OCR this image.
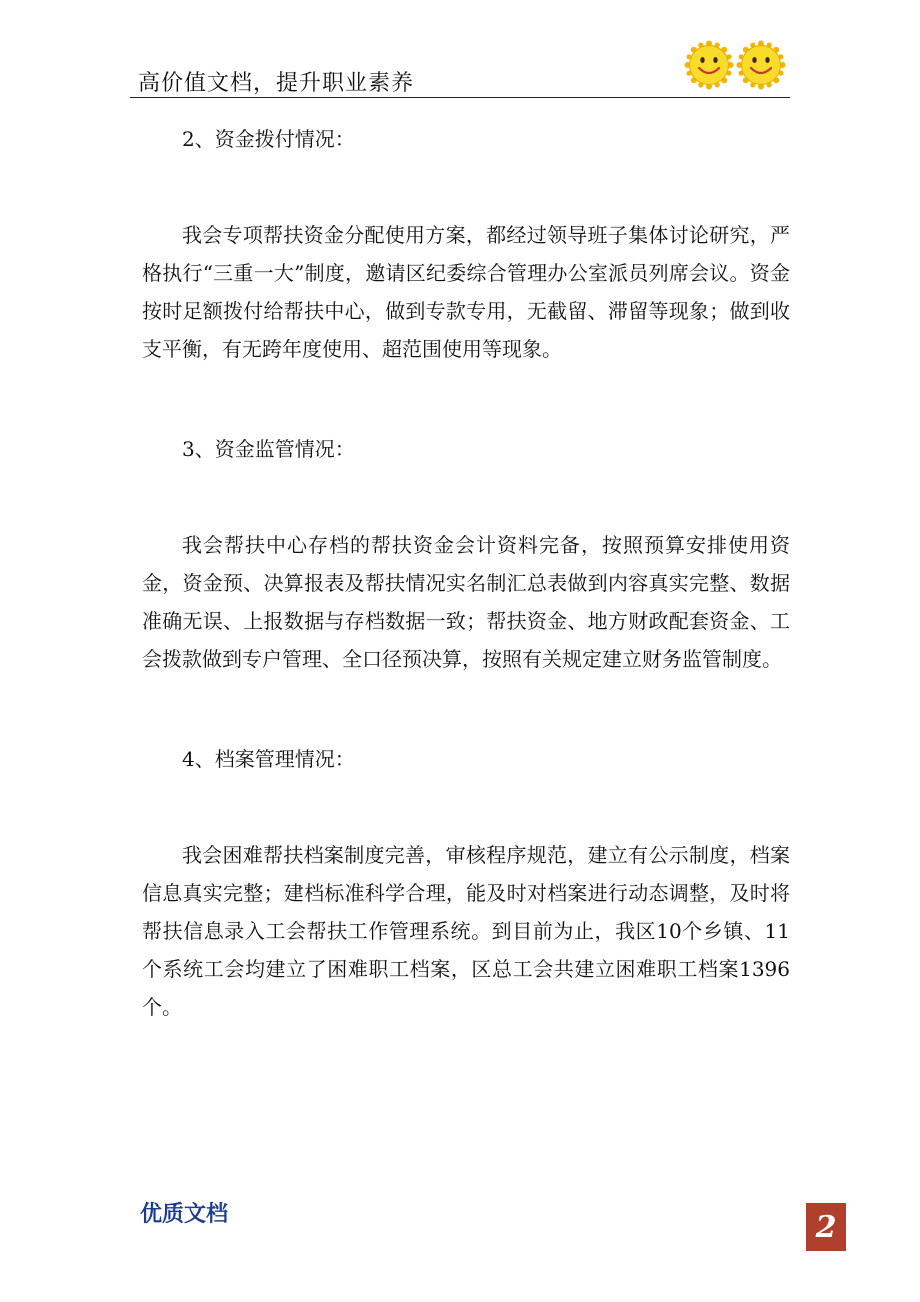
高价值文档，提升职业素养

2、资金拨付情况：

我会专项帮扶资金分配使用方案，都经过领导班子集体讨论研究，严格执行“三重一大”制度，邀请区纪委综合管理办公室派员列席会议。资金按时足额拨付给帮扶中心，做到专款专用，无截留、滞留等现象；做到收支平衡，有无跨年度使用、超范围使用等现象。

3、资金监管情况：

我会帮扶中心存档的帮扶资金会计资料完备，按照预算安排使用资金，资金预、决算报表及帮扶情况实名制汇总表做到内容真实完整、数据准确无误、上报数据与存档数据一致；帮扶资金、地方财政配套资金、工会拨款做到专户管理、全口径预决算，按照有关规定建立财务监管制度。

4、档案管理情况：

我会困难帮扶档案制度完善，审核程序规范，建立有公示制度，档案信息真实完整；建档标准科学合理，能及时对档案进行动态调整，及时将帮扶信息录入工会帮扶工作管理系统。到目前为止，我区10个乡镇、11个系统工会均建立了困难职工档案，区总工会共建立困难职工档案1396个。

优质文档	2
